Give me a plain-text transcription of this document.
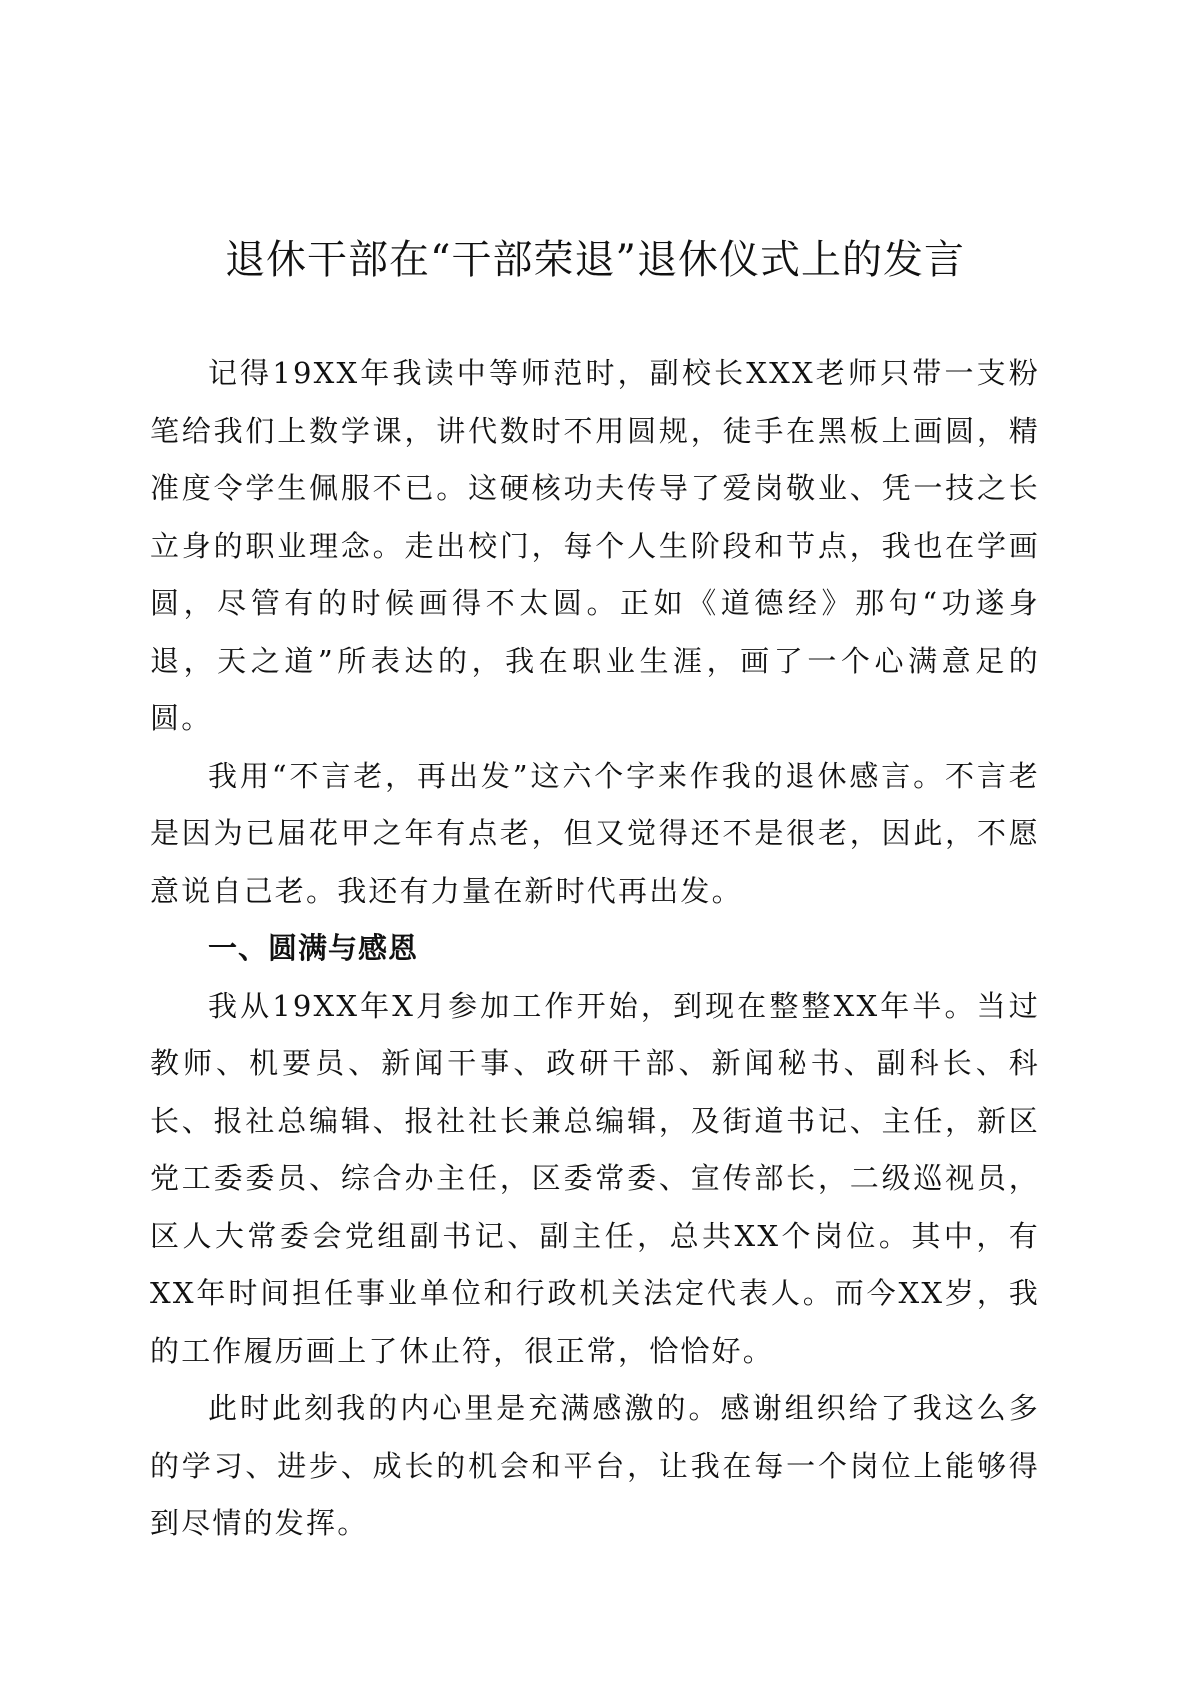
退休干部在“干部荣退”退休仪式上的发言

记得19XX年我读中等师范时，副校长XXX老师只带一支粉笔给我们上数学课，讲代数时不用圆规，徒手在黑板上画圆，精准度令学生佩服不已。这硬核功夫传导了爱岗敬业、凭一技之长立身的职业理念。走出校门，每个人生阶段和节点，我也在学画圆，尽管有的时候画得不太圆。正如《道德经》那句“功遂身退，天之道”所表达的，我在职业生涯，画了一个心满意足的圆。

我用“不言老，再出发”这六个字来作我的退休感言。不言老是因为已届花甲之年有点老，但又觉得还不是很老，因此，不愿意说自己老。我还有力量在新时代再出发。

一、圆满与感恩

我从19XX年X月参加工作开始，到现在整整XX年半。当过教师、机要员、新闻干事、政研干部、新闻秘书、副科长、科长、报社总编辑、报社社长兼总编辑，及街道书记、主任，新区党工委委员、综合办主任，区委常委、宣传部长，二级巡视员，区人大常委会党组副书记、副主任，总共XX个岗位。其中，有XX年时间担任事业单位和行政机关法定代表人。而今XX岁，我的工作履历画上了休止符，很正常，恰恰好。

此时此刻我的内心里是充满感激的。感谢组织给了我这么多的学习、进步、成长的机会和平台，让我在每一个岗位上能够得到尽情的发挥。
